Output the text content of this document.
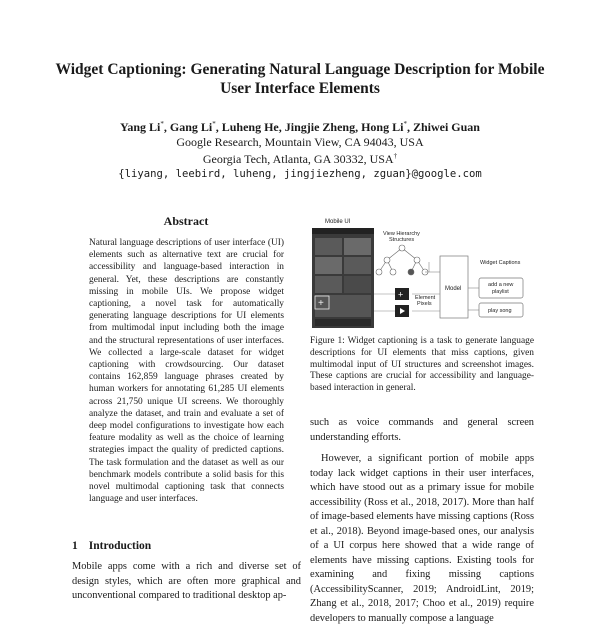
Widget Captioning: Generating Natural Language Description for Mobile
User Interface Elements
Yang Li*, Gang Li*, Luheng He, Jingjie Zheng, Hong Li*, Zhiwei Guan
Google Research, Mountain View, CA 94043, USA
Georgia Tech, Atlanta, GA 30332, USA†
{liyang, leebird, luheng, jingjiezheng, zguan}@google.com
Abstract
Natural language descriptions of user interface (UI) elements such as alternative text are crucial for accessibility and language-based interaction in general. Yet, these descriptions are constantly missing in mobile UIs. We propose widget captioning, a novel task for automatically generating language descriptions for UI elements from multimodal input including both the image and the structural representations of user interfaces. We collected a large-scale dataset for widget captioning with crowdsourcing. Our dataset contains 162,859 language phrases created by human workers for annotating 61,285 UI elements across 21,750 unique UI screens. We thoroughly analyze the dataset, and train and evaluate a set of deep model configurations to investigate how each feature modality as well as the choice of learning strategies impact the quality of predicted captions. The task formulation and the dataset as well as our benchmark models contribute a solid basis for this novel multimodal captioning task that connects language and user interfaces.
1 Introduction
Mobile apps come with a rich and diverse set of design styles, which are often more graphical and unconventional compared to traditional desktop ap-
Mobile UI
+
View Hierarchy
Structures
+ Element
Pixels
Model
Widget Captions
add a new
playlist
play song
Figure 1: Widget captioning is a task to generate language descriptions for UI elements that miss captions, given multimodal input of UI structures and screenshot images. These captions are crucial for accessibility and language-based interaction in general.

such as voice commands and general screen understanding efforts.

However, a significant portion of mobile apps today lack widget captions in their user interfaces, which have stood out as a primary issue for mobile accessibility (Ross et al., 2018, 2017). More than half of image-based elements have missing captions (Ross et al., 2018). Beyond image-based ones, our analysis of a UI corpus here showed that a wide range of elements have missing captions. Existing tools for examining and fixing missing captions (AccessibilityScanner, 2019; AndroidLint, 2019; Zhang et al., 2018, 2017; Choo et al., 2019) require developers to manually compose a language
